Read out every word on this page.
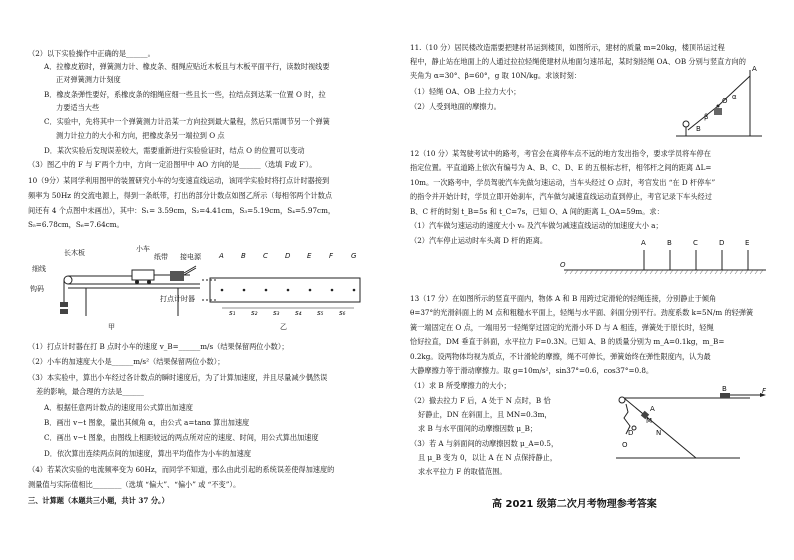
（2）以下实验操作中正确的是______。
A．拉橡皮筋时，弹簧测力计、橡皮条、细绳应贴近木板且与木板平面平行，读数时视线要
正对弹簧测力计刻度
B．橡皮条弹性要好，系橡皮条的细绳应细一些且长一些，拉结点到达某一位置 O 时，拉
力要适当大些
C．实验中，先将其中一个弹簧测力计沿某一方向拉到最大量程，然后只需调节另一个弹簧
测力计拉力的大小和方向，把橡皮条另一端拉到 O 点
D．某次实验后发现误差较大，需要重新进行实验验证时，结点 O 的位置可以变动
（3）图乙中的 F 与 F′两个力中，方向一定沿图甲中 AO 方向的是______（选填 F或 F′）。
10（9分）某同学利用图甲的装置研究小车的匀变速直线运动，该同学实验时将打点计时器接到
频率为 50Hz 的交流电源上，得到一条纸带，打出的部分计数点如图乙所示（每相邻两个计数点
间还有 4 个点图中未画出），其中：S₁= 3.59cm，S₂=4.41cm，S₃=5.19cm，S₄=5.97cm，
S₅=6.78cm，S₆=7.64cm。
长木板	小车
纸带 接电源
细线
钩码
打点计时器
甲	乙
A B C D E	F	G
s₁ s₂ s₃ s₄ s₅ s₆
（1）打点计时器在打 B 点时小车的速度 v_B=______m/s（结果保留两位小数）；
（2）小车的加速度大小是______m/s²（结果保留两位小数）；
（3）本实验中，算出小车经过各计数点的瞬时速度后，为了计算加速度，并且尽量减少偶然误
差的影响，最合理的方法是______
A．根据任意两计数点的速度用公式算出加速度
B．画出 v−t 图象，量出其倾角 α，由公式 a=tanα 算出加速度
C．画出 v−t 图象，由图线上相距较远的两点所对应的速度、时间，用公式算出加速度
D．依次算出连续两点间的加速度，算出平均值作为小车的加速度
（4）若某次实验的电流频率变为 60Hz，而同学不知道，那么由此引起的系统误差使得加速度的
测量值与实际值相比________（选填 “偏大”、“偏小” 或 “不变”）。
三、计算题（本题共三小题，共计 37 分。）
11.（10 分）居民楼改造需要把建材吊运到楼顶，如图所示，建材的质量 m=20kg，楼顶吊运过程
程中，静止站在地面上的人通过拉拉轻绳使建材从地面匀速吊起，某时刻轻绳 OA、OB 分别与竖直方向的
夹角为 α=30°、β=60°，g 取 10N/kg。求该时刻：
（1）轻绳 OA、OB 上拉力大小；
（2）人受到地面的摩擦力。
A
O α
β
B
12（10 分）某驾驶考试中的路考，考官会在离停车点不远的地方发出指令，要求学员将车停在
指定位置。平直道路上依次有编号为 A、B、C、D、E 的五根标志杆，相邻杆之间的距离 ΔL=
10m。一次路考中，学员驾驶汽车先做匀速运动，当车头经过 O 点时，考官发出 “在 D 杆停车”
的指令并开始计时，学员立即开始刹车，汽车做匀减速直线运动直到停止，考官记录下车头经过
B、C 杆的时刻 t_B=5s 和 t_C=7s，已知 O、A 间的距离 L_OA=59m。求：
（1）汽车做匀速运动的速度大小 v₀ 及汽车做匀减速直线运动的加速度大小 a；
（2）汽车停止运动时车头离 D 杆的距离。
O
A	B	C	D	E
13（17 分）在如图所示的竖直平面内，物体 A 和 B 用跨过定滑轮的轻绳连接，分别静止于倾角
θ=37°的光滑斜面上的 M 点和粗糙水平面上，轻绳与水平面、斜面分别平行。劲度系数 k=5N/m 的轻弹簧
簧一端固定在 O 点，一端用另一轻绳穿过固定的光滑小环 D 与 A 相连，弹簧处于原长时，轻绳
恰好拉直，DM 垂直于斜面，水平拉力 F=0.3N。已知 A、B 的质量分别为 m_A=0.1kg，m_B=
0.2kg。设两物体均视为质点，不计滑轮的摩擦，绳不可伸长，弹簧始终在弹性限度内，认为最
大静摩擦力等于滑动摩擦力。取 g=10m/s²，sin37°=0.6，cos37°=0.8。
（1）求 B 所受摩擦力的大小；
（2）撤去拉力 F 后，A 处于 N 点时，B 恰
好静止，DN 在斜面上，且 MN=0.3m，
求 B 与水平面间的动摩擦因数 μ_B；
（3）若 A 与斜面间的动摩擦因数 μ_A=0.5，
且 μ_B 变为 0，以让 A 在 N 点保持静止，
求水平拉力 F 的取值范围。
F
B
A
M
N
D
O
高 2021 级第二次月考物理参考答案
